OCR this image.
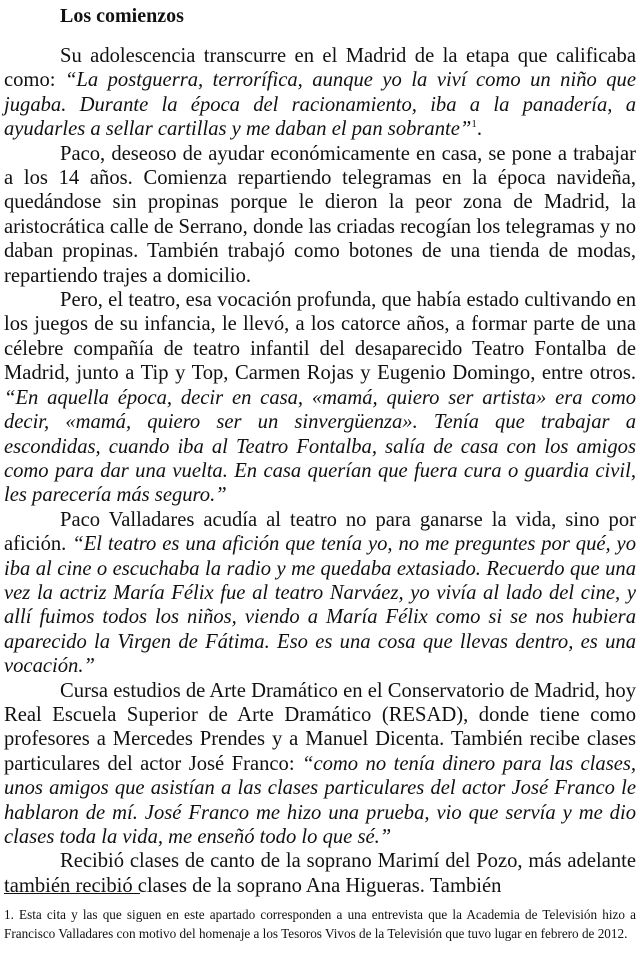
Los comienzos

Su adolescencia transcurre en el Madrid de la etapa que calificaba como: “La postguerra, terrorífica, aunque yo la viví como un niño que jugaba. Durante la época del racionamiento, iba a la panadería, a ayudarles a sellar cartillas y me daban el pan sobrante”$^1$.

Paco, deseoso de ayudar económicamente en casa, se pone a trabajar a los 14 años. Comienza repartiendo telegramas en la época navideña, quedándose sin propinas porque le dieron la peor zona de Madrid, la aristocrática calle de Serrano, donde las criadas recogían los telegramas y no daban propinas. También trabajó como botones de una tienda de modas, repartiendo trajes a domicilio.

Pero, el teatro, esa vocación profunda, que había estado cultivando en los juegos de su infancia, le llevó, a los catorce años, a formar parte de una célebre compañía de teatro infantil del desaparecido Teatro Fontalba de Madrid, junto a Tip y Top, Carmen Rojas y Eugenio Domingo, entre otros. “En aquella época, decir en casa, «mamá, quiero ser artista» era como decir, «mamá, quiero ser un sinvergüenza». Tenía que trabajar a escondidas, cuando iba al Teatro Fontalba, salía de casa con los amigos como para dar una vuelta. En casa querían que fuera cura o guardia civil, les parecería más seguro.”

Paco Valladares acudía al teatro no para ganarse la vida, sino por afición. “El teatro es una afición que tenía yo, no me preguntes por qué, yo iba al cine o escuchaba la radio y me quedaba extasiado. Recuerdo que una vez la actriz María Félix fue al teatro Narváez, yo vivía al lado del cine, y allí fuimos todos los niños, viendo a María Félix como si se nos hubiera aparecido la Virgen de Fátima. Eso es una cosa que llevas dentro, es una vocación.”

Cursa estudios de Arte Dramático en el Conservatorio de Madrid, hoy Real Escuela Superior de Arte Dramático (RESAD), donde tiene como profesores a Mercedes Prendes y a Manuel Dicenta. También recibe clases particulares del actor José Franco: “como no tenía dinero para las clases, unos amigos que asistían a las clases particulares del actor José Franco le hablaron de mí. José Franco me hizo una prueba, vio que servía y me dio clases toda la vida, me enseñó todo lo que sé.”

Recibió clases de canto de la soprano Marimí del Pozo, más adelante también recibió clases de la soprano Ana Higueras. También

1. Esta cita y las que siguen en este apartado corresponden a una entrevista que la Academia de Televisión hizo a Francisco Valladares con motivo del homenaje a los Tesoros Vivos de la Televisión que tuvo lugar en febrero de 2012.
